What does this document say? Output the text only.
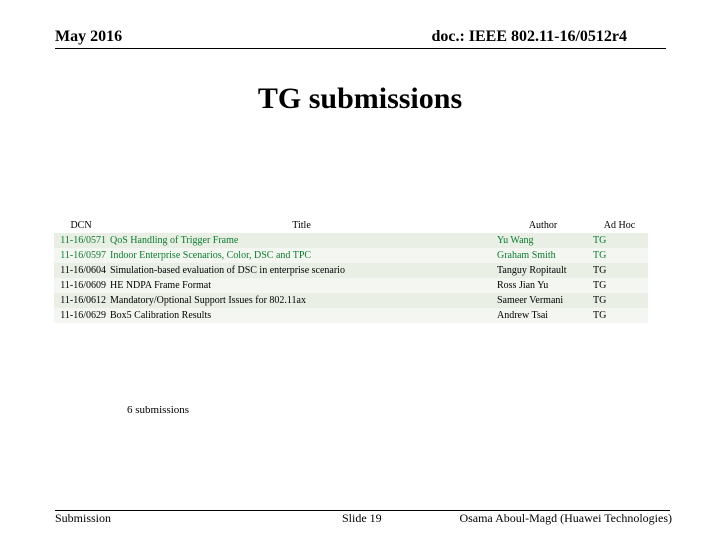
May 2016	doc.: IEEE 802.11-16/0512r4
TG submissions
DCN	Title	Author	Ad Hoc
11-16/0571	QoS Handling of Trigger Frame	Yu Wang	TG
11-16/0597	Indoor Enterprise Scenarios, Color, DSC and TPC	Graham Smith	TG
11-16/0604	Simulation-based evaluation of DSC in enterprise scenario	Tanguy Ropitault	TG
11-16/0609	HE NDPA Frame Format	Ross Jian Yu	TG
11-16/0612	Mandatory/Optional Support Issues for 802.11ax	Sameer Vermani	TG
11-16/0629	Box5 Calibration Results	Andrew Tsai	TG
6 submissions
Submission	Slide 19	Osama Aboul-Magd (Huawei Technologies)
